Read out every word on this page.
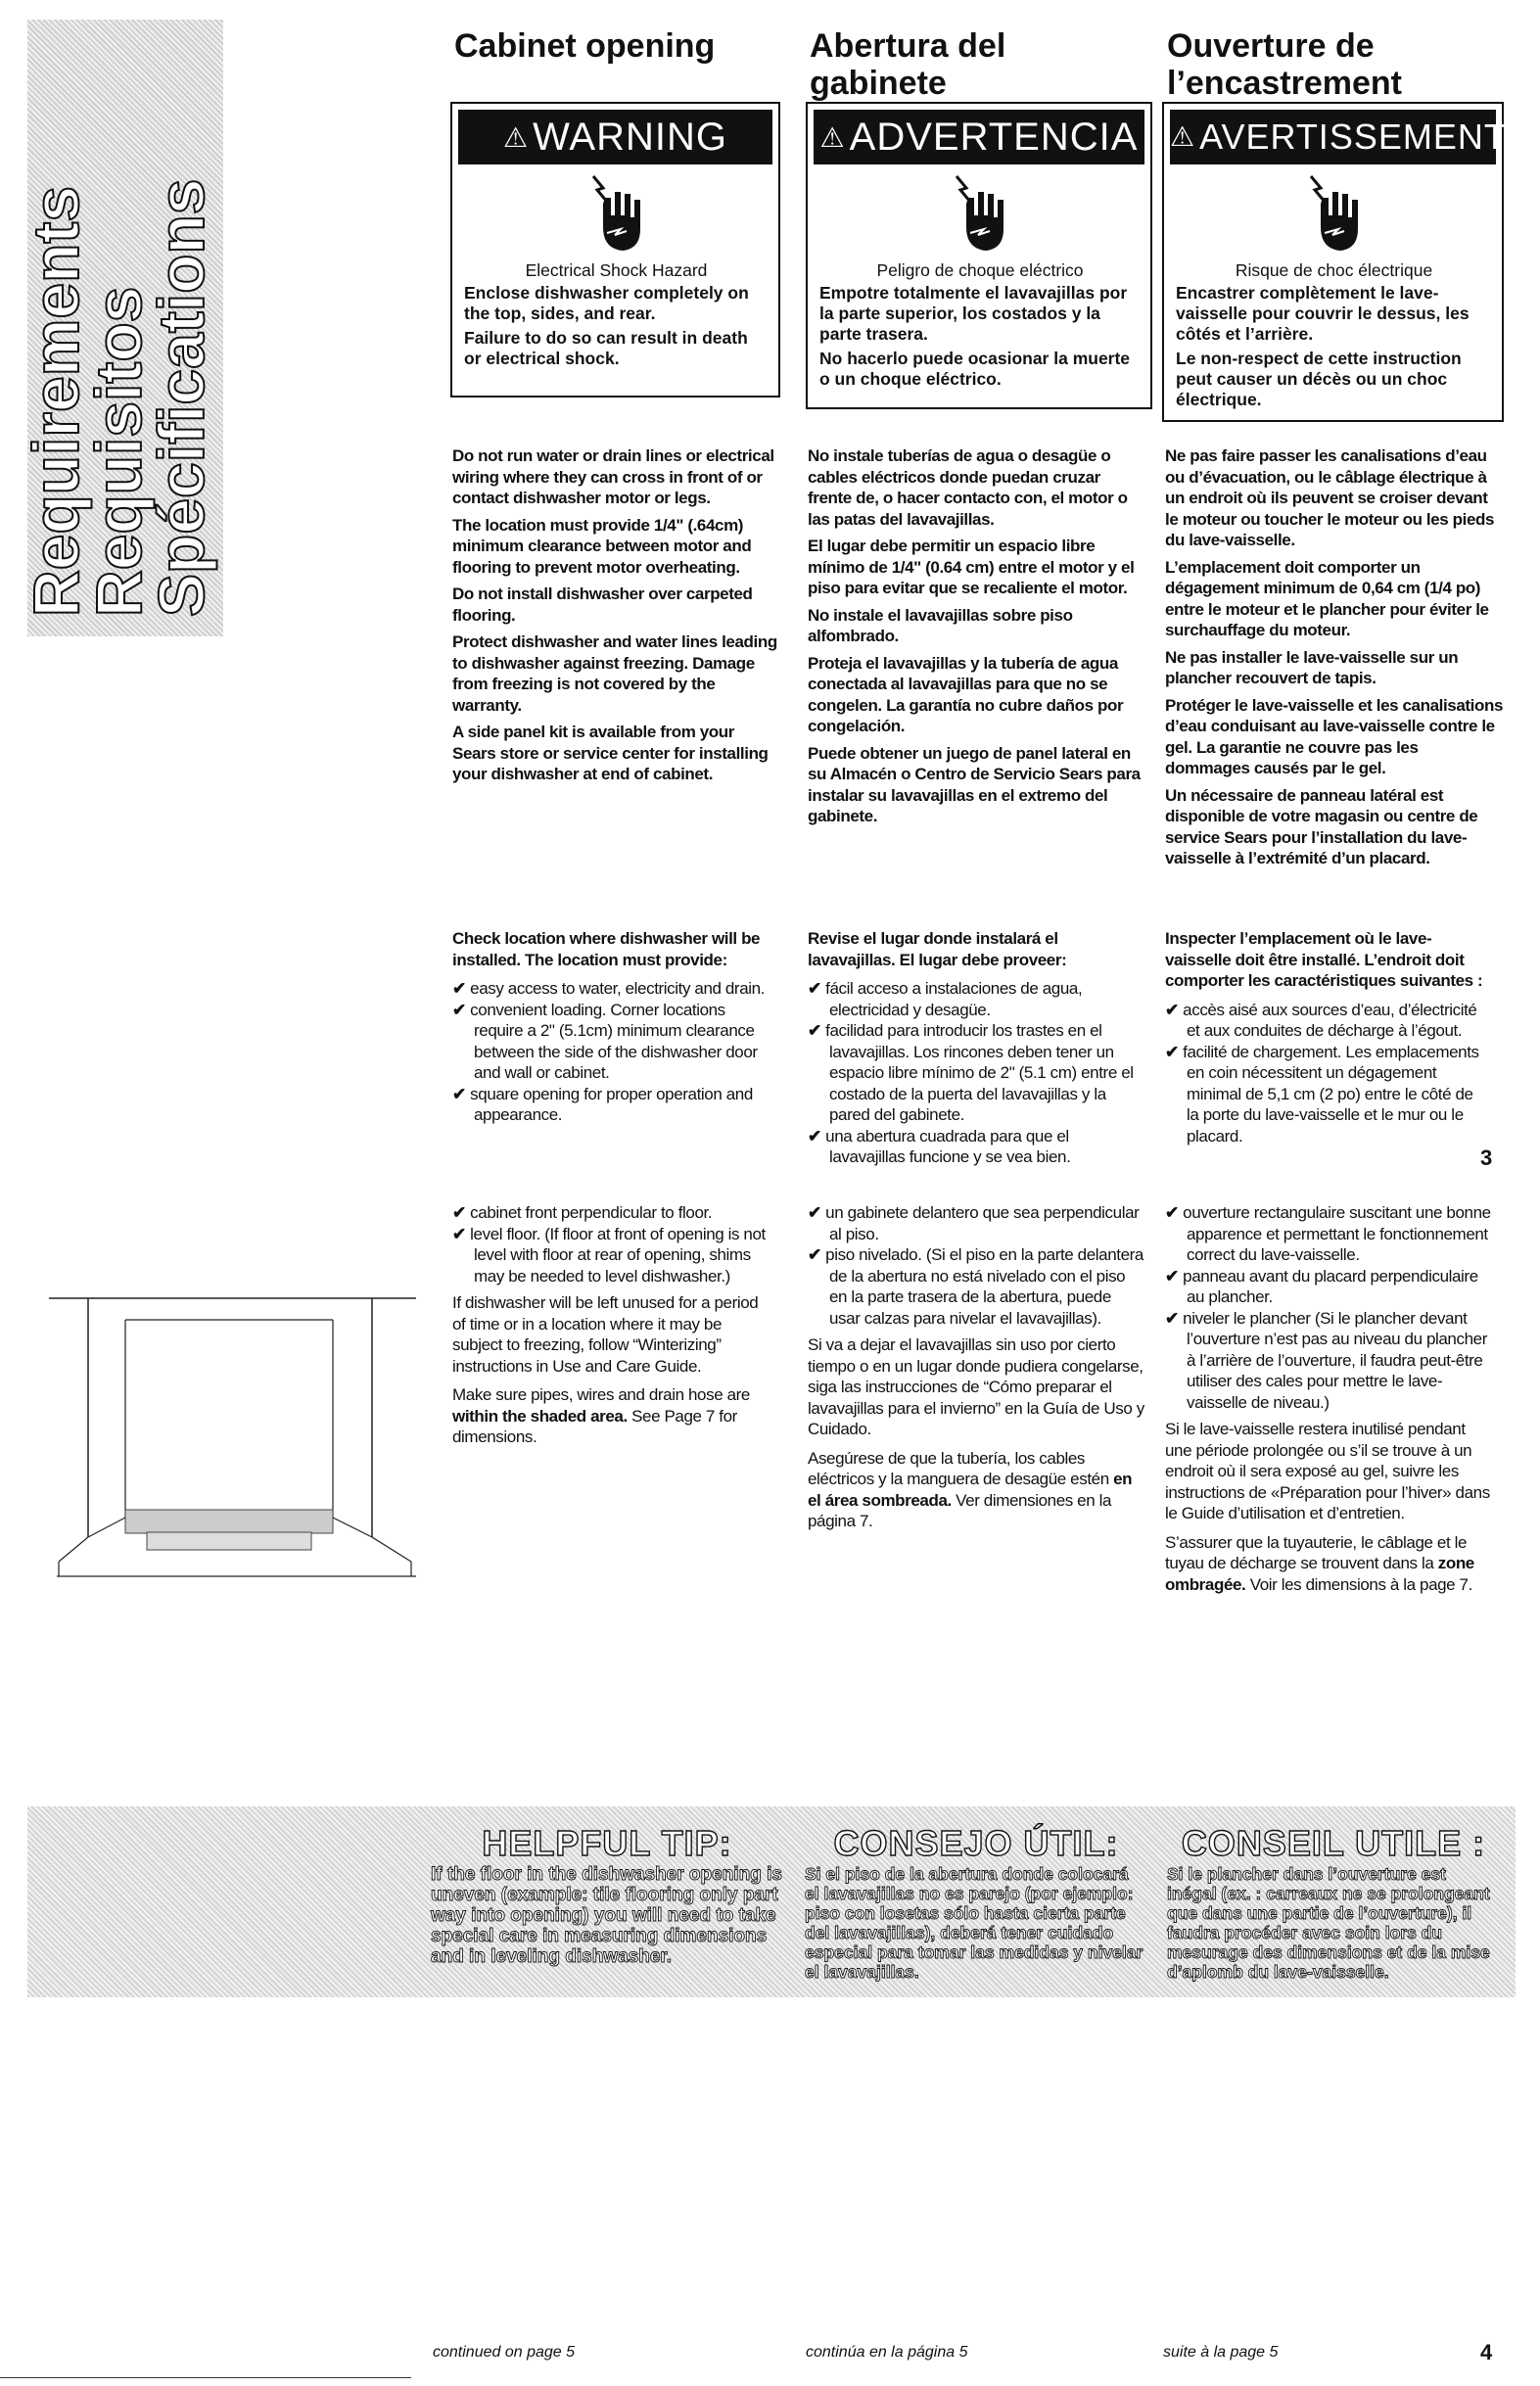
Requirements
Requisitos
Spécifications
Cabinet opening	Abertura del
gabinete
Ouverture de
l’encastrement
⚠ WARNING
Electrical Shock Hazard

Enclose dishwasher completely on the top, sides, and rear.

Failure to do so can result in death or electrical shock.

⚠ ADVERTENCIA
Peligro de choque eléctrico

Empotre totalmente el lavavajillas por la parte superior, los costados y la parte trasera.

No hacerlo puede ocasionar la muerte o un choque eléctrico.

⚠ AVERTISSEMENT
Risque de choc électrique

Encastrer complètement le lave-vaisselle pour couvrir le dessus, les côtés et l’arrière.

Le non-respect de cette instruction peut causer un décès ou un choc électrique.

Do not run water or drain lines or electrical wiring where they can cross in front of or contact dishwasher motor or legs.

The location must provide 1/4" (.64cm) minimum clearance between motor and flooring to prevent motor overheating.

Do not install dishwasher over carpeted flooring.

Protect dishwasher and water lines leading to dishwasher against freezing. Damage from freezing is not covered by the warranty.

A side panel kit is available from your Sears store or service center for installing your dishwasher at end of cabinet.

No instale tuberías de agua o desagüe o cables eléctricos donde puedan cruzar frente de, o hacer contacto con, el motor o las patas del lavavajillas.

El lugar debe permitir un espacio libre mínimo de 1/4" (0.64 cm) entre el motor y el piso para evitar que se recaliente el motor.

No instale el lavavajillas sobre piso alfombrado.

Proteja el lavavajillas y la tubería de agua conectada al lavavajillas para que no se congelen. La garantía no cubre daños por congelación.

Puede obtener un juego de panel lateral en su Almacén o Centro de Servicio Sears para instalar su lavavajillas en el extremo del gabinete.

Ne pas faire passer les canalisations d’eau ou d’évacuation, ou le câblage électrique à un endroit où ils peuvent se croiser devant le moteur ou toucher le moteur ou les pieds du lave-vaisselle.

L’emplacement doit comporter un dégagement minimum de 0,64 cm (1/4 po) entre le moteur et le plancher pour éviter le surchauffage du moteur.

Ne pas installer le lave-vaisselle sur un plancher recouvert de tapis.

Protéger le lave-vaisselle et les canalisations d’eau conduisant au lave-vaisselle contre le gel. La garantie ne couvre pas les dommages causés par le gel.

Un nécessaire de panneau latéral est disponible de votre magasin ou centre de service Sears pour l’installation du lave-vaisselle à l’extrémité d’un placard.

Check location where dishwasher will be installed. The location must provide:

✔ easy access to water, electricity and drain.
✔ convenient loading. Corner locations require a 2" (5.1cm) minimum clearance between the side of the dishwasher door and wall or cabinet.
✔ square opening for proper operation and appearance.

Revise el lugar donde instalará el lavavajillas. El lugar debe proveer:

✔ fácil acceso a instalaciones de agua, electricidad y desagüe.
✔ facilidad para introducir los trastes en el lavavajillas. Los rincones deben tener un espacio libre mínimo de 2" (5.1 cm) entre el costado de la puerta del lavavajillas y la pared del gabinete.
✔ una abertura cuadrada para que el lavavajillas funcione y se vea bien.

Inspecter l’emplacement où le lave-vaisselle doit être installé. L’endroit doit comporter les caractéristiques suivantes :

✔ accès aisé aux sources d’eau, d’électricité et aux conduites de décharge à l’égout.
✔ facilité de chargement. Les emplacements en coin nécessitent un dégagement minimal de 5,1 cm (2 po) entre le côté de la porte du lave-vaisselle et le mur ou le placard.
3
✔ cabinet front perpendicular to floor.
✔ level floor. (If floor at front of opening is not level with floor at rear of opening, shims may be needed to level dishwasher.)

If dishwasher will be left unused for a period of time or in a location where it may be subject to freezing, follow “Winterizing” instructions in Use and Care Guide.

Make sure pipes, wires and drain hose are within the shaded area. See Page 7 for dimensions.

✔ un gabinete delantero que sea perpendicular al piso.
✔ piso nivelado. (Si el piso en la parte delantera de la abertura no está nivelado con el piso en la parte trasera de la abertura, puede usar calzas para nivelar el lavavajillas).

Si va a dejar el lavavajillas sin uso por cierto tiempo o en un lugar donde pudiera congelarse, siga las instrucciones de “Cómo preparar el lavavajillas para el invierno” en la Guía de Uso y Cuidado.

Asegúrese de que la tubería, los cables eléctricos y la manguera de desagüe estén en el área sombreada. Ver dimensiones en la página 7.

✔ ouverture rectangulaire suscitant une bonne apparence et permettant le fonctionnement correct du lave-vaisselle.
✔ panneau avant du placard perpendiculaire au plancher.
✔ niveler le plancher (Si le plancher devant l’ouverture n’est pas au niveau du plancher à l’arrière de l’ouverture, il faudra peut-être utiliser des cales pour mettre le lave-vaisselle de niveau.)

Si le lave-vaisselle restera inutilisé pendant une période prolongée ou s’il se trouve à un endroit où il sera exposé au gel, suivre les instructions de «Préparation pour l’hiver» dans le Guide d’utilisation et d’entretien.

S’assurer que la tuyauterie, le câblage et le tuyau de décharge se trouvent dans la zone ombragée. Voir les dimensions à la page 7.

HELPFUL TIP:
If the floor in the dishwasher opening is uneven (example: tile flooring only part way into opening) you will need to take special care in measuring dimensions and in leveling dishwasher.
CONSEJO ÚTIL:
Si el piso de la abertura donde colocará el lavavajillas no es parejo (por ejemplo: piso con losetas sólo hasta cierta parte del lavavajillas), deberá tener cuidado especial para tomar las medidas y nivelar el lavavajillas.
CONSEIL UTILE :
Si le plancher dans l’ouverture est inégal (ex. : carreaux ne se prolongeant que dans une partie de l’ouverture), il faudra procéder avec soin lors du mesurage des dimensions et de la mise d’aplomb du lave-vaisselle.
continued on page 5	continúa en la página 5	suite à la page 5	4
